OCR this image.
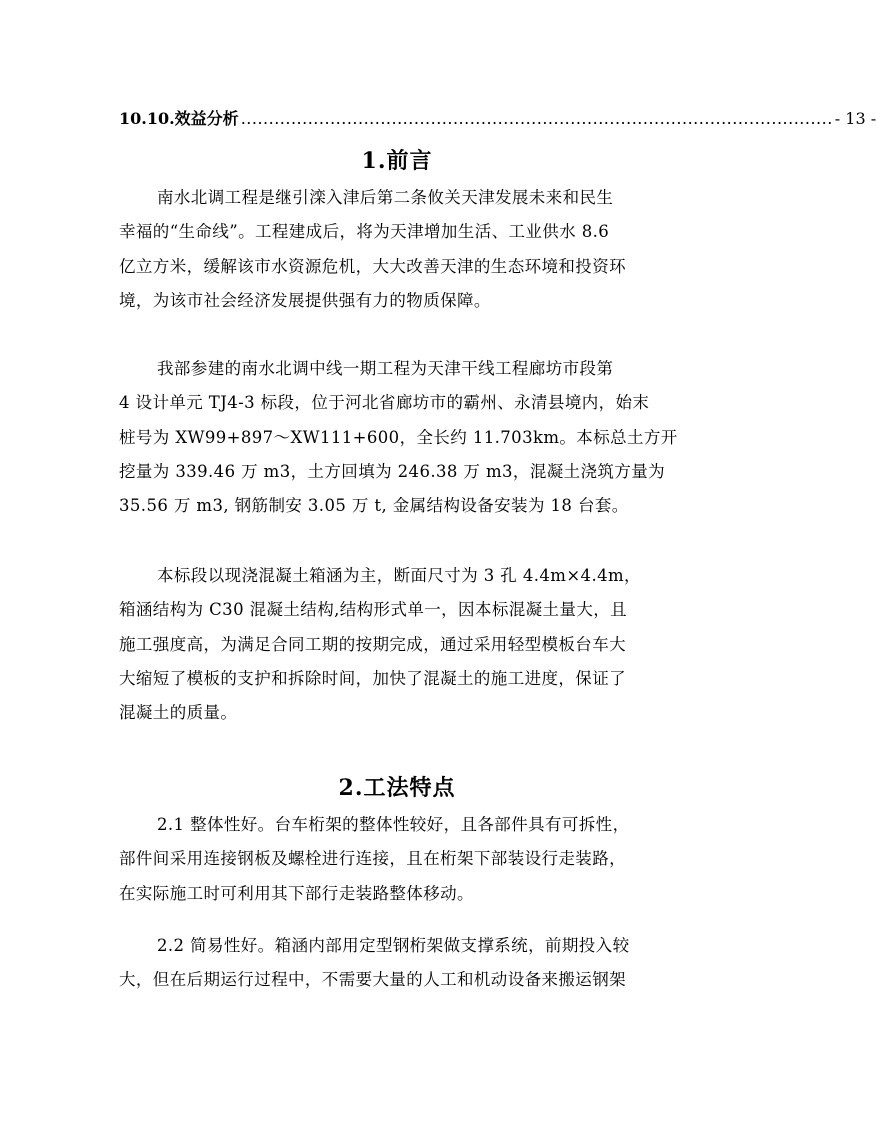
10.10.效益分析 .......................................................................................................... - 13 -
1.前言

南水北调工程是继引滦入津后第二条攸关天津发展未来和民生
幸福的“生命线”。工程建成后，将为天津增加生活、工业供水 8.6
亿立方米，缓解该市水资源危机，大大改善天津的生态环境和投资环
境，为该市社会经济发展提供强有力的物质保障。

我部参建的南水北调中线一期工程为天津干线工程廊坊市段第
4 设计单元 TJ4-3 标段，位于河北省廊坊市的霸州、永清县境内，始末
桩号为 XW99+897～XW111+600，全长约 11.703km。本标总土方开
挖量为 339.46 万 m3，土方回填为 246.38 万 m3，混凝土浇筑方量为
35.56 万 m3, 钢筋制安 3.05 万 t, 金属结构设备安装为 18 台套。

本标段以现浇混凝土箱涵为主，断面尺寸为 3 孔 4.4m×4.4m，
箱涵结构为 C30 混凝土结构,结构形式单一，因本标混凝土量大，且
施工强度高，为满足合同工期的按期完成，通过采用轻型模板台车大
大缩短了模板的支护和拆除时间，加快了混凝土的施工进度，保证了
混凝土的质量。

2.工法特点

2.1 整体性好。台车桁架的整体性较好，且各部件具有可拆性，
部件间采用连接钢板及螺栓进行连接，且在桁架下部装设行走装路，
在实际施工时可利用其下部行走装路整体移动。

2.2 简易性好。箱涵内部用定型钢桁架做支撑系统，前期投入较
大，但在后期运行过程中，不需要大量的人工和机动设备来搬运钢架
